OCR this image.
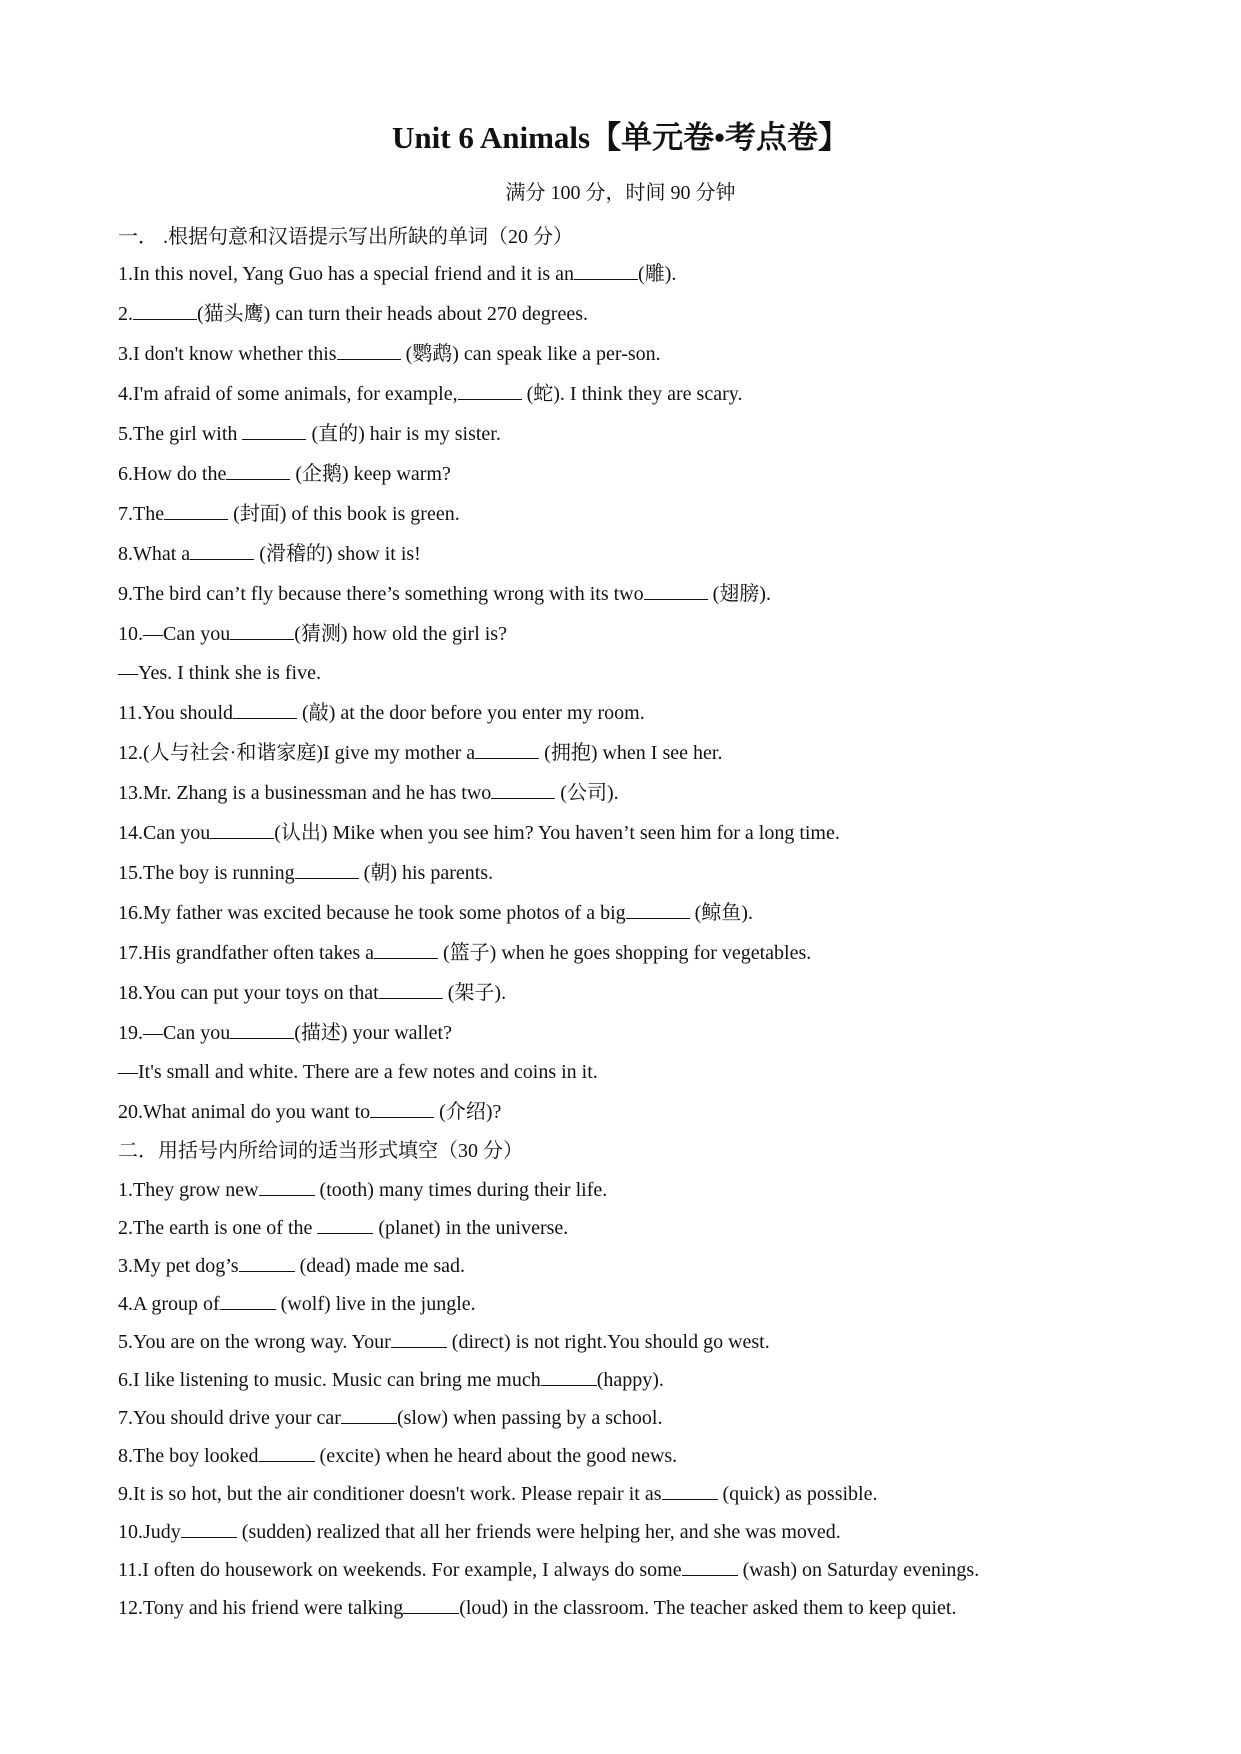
Unit 6 Animals【单元卷•考点卷】
满分 100 分，时间 90 分钟
一． .根据句意和汉语提示写出所缺的单词（20 分）
1.In this novel, Yang Guo has a special friend and it is an	(雕).
2.	(猫头鹰) can turn their heads about 270 degrees.
3.I don't know whether this	(鹦鹉) can speak like a per-son.
4.I'm afraid of some animals, for example,	(蛇). I think they are scary.
5.The girl with	(直的) hair is my sister.
6.How do the	(企鹅) keep warm?
7.The	(封面) of this book is green.
8.What a	(滑稽的) show it is!
9.The bird can’t fly because there’s something wrong with its two	(翅膀).
10.—Can you	(猜测) how old the girl is?
—Yes. I think she is five.
11.You should	(敲) at the door before you enter my room.
12.(人与社会·和谐家庭)I give my mother a	(拥抱) when I see her.
13.Mr. Zhang is a businessman and he has two	(公司).
14.Can you	(认出) Mike when you see him? You haven’t seen him for a long time.
15.The boy is running	(朝) his parents.
16.My father was excited because he took some photos of a big	(鲸鱼).
17.His grandfather often takes a	(篮子) when he goes shopping for vegetables.
18.You can put your toys on that	(架子).
19.—Can you	(描述) your wallet?
—It's small and white. There are a few notes and coins in it.
20.What animal do you want to	(介绍)?
二．用括号内所给词的适当形式填空（30 分）
1.They grow new	(tooth) many times during their life.
2.The earth is one of the	(planet) in the universe.
3.My pet dog’s	(dead) made me sad.
4.A group of	(wolf) live in the jungle.
5.You are on the wrong way. Your	(direct) is not right.You should go west.
6.I like listening to music. Music can bring me much	(happy).
7.You should drive your car	(slow) when passing by a school.
8.The boy looked	(excite) when he heard about the good news.
9.It is so hot, but the air conditioner doesn't work. Please repair it as	(quick) as possible.
10.Judy	(sudden) realized that all her friends were helping her, and she was moved.
11.I often do housework on weekends. For example, I always do some	(wash) on Saturday evenings.
12.Tony and his friend were talking	(loud) in the classroom. The teacher asked them to keep quiet.
